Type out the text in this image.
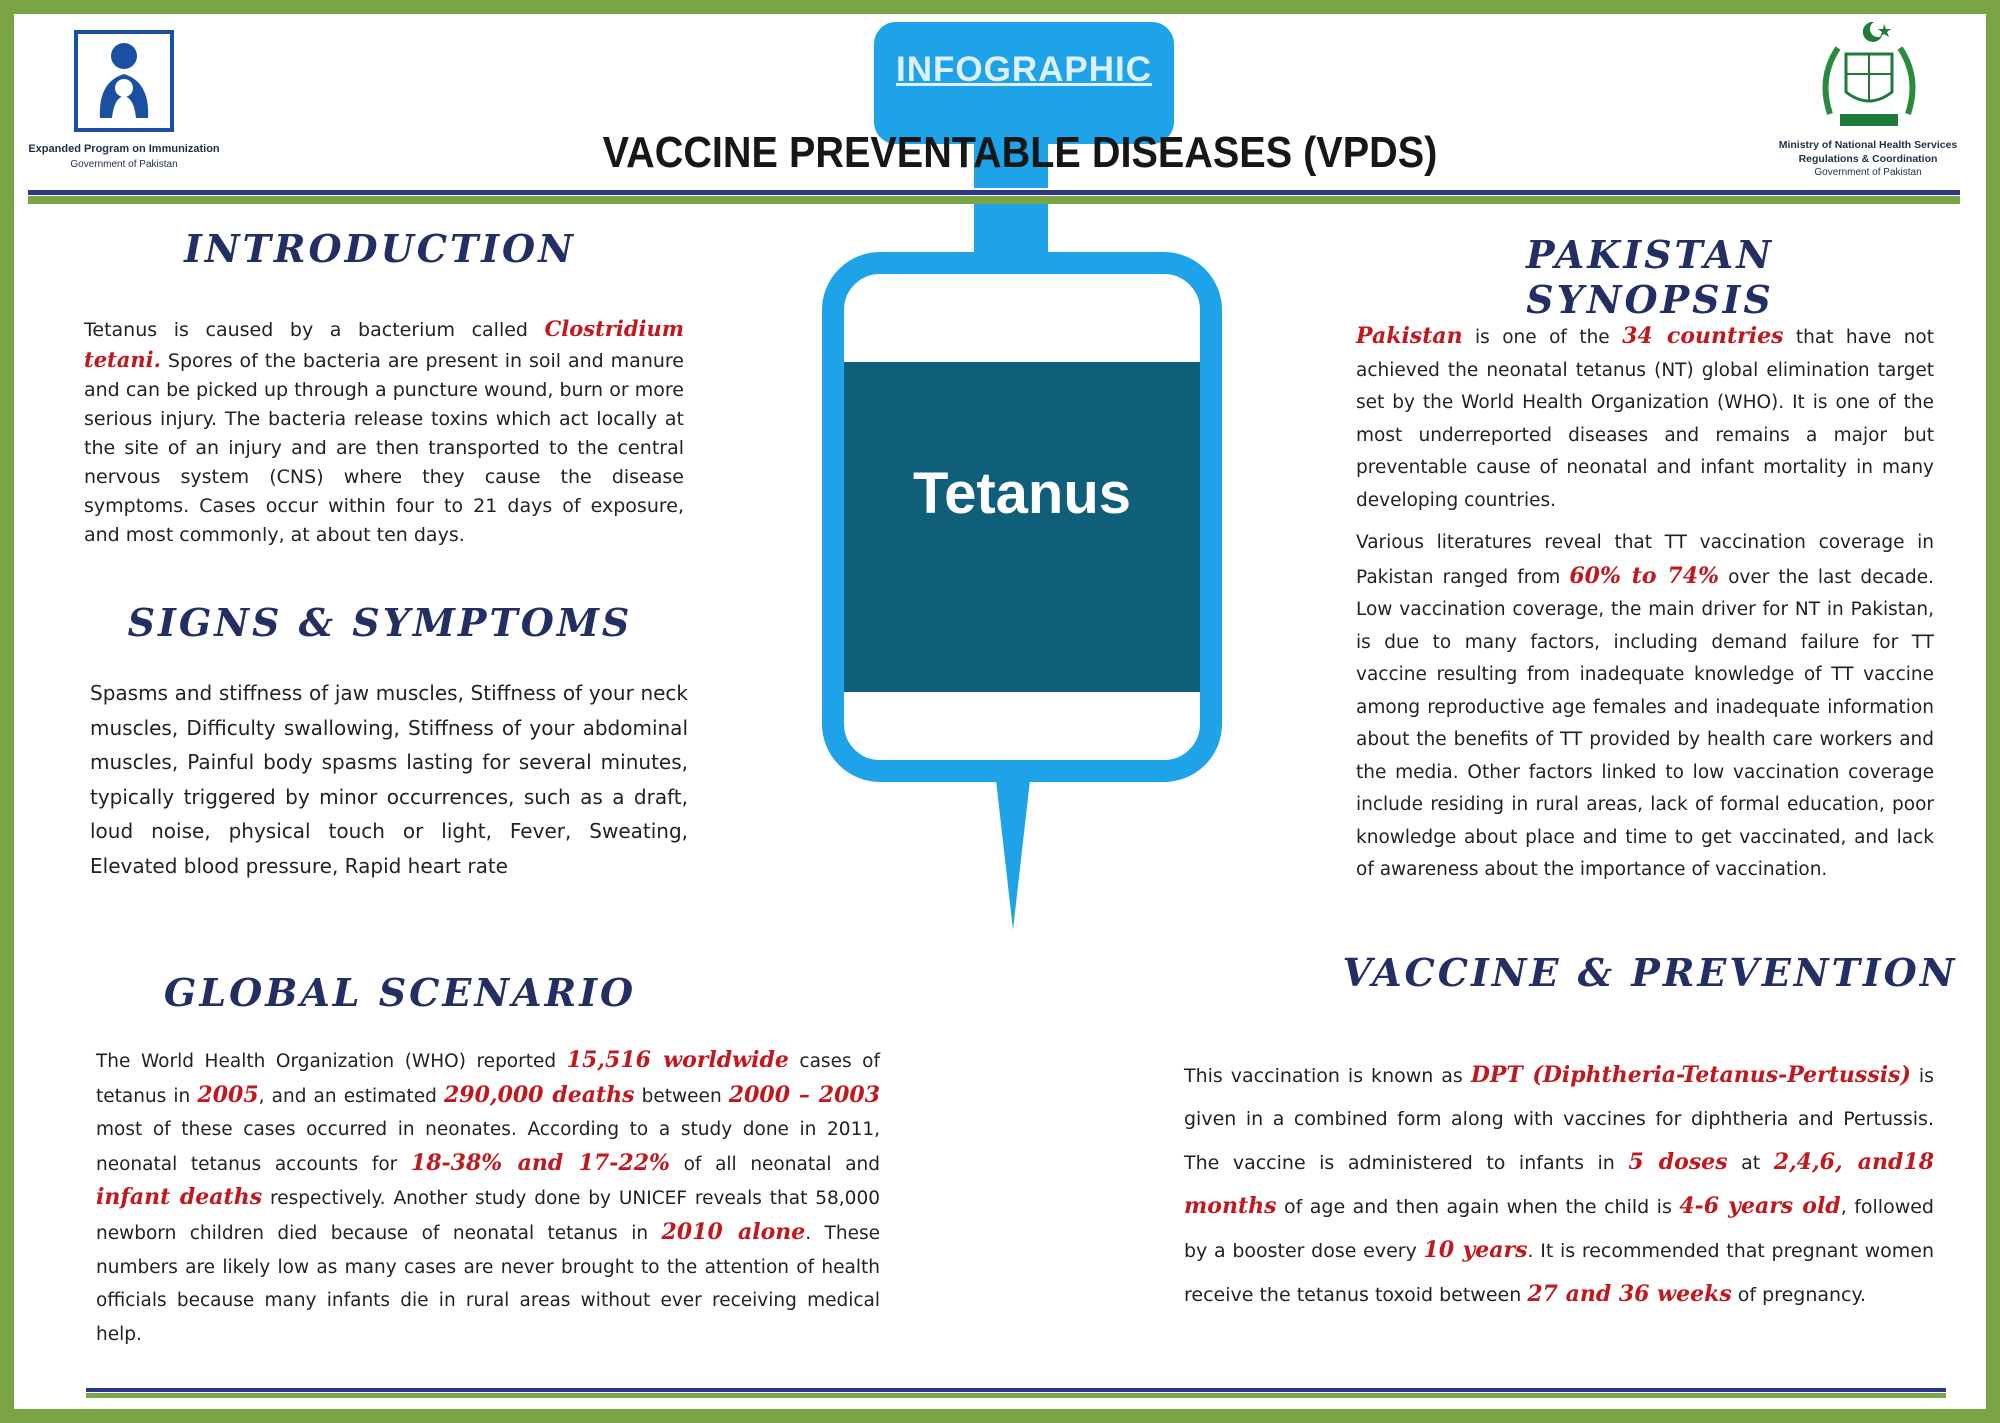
Expanded Program on Immunization
Government of Pakistan
Ministry of National Health Services
Regulations & Coordination
Government of Pakistan
INFOGRAPHIC
VACCINE PREVENTABLE DISEASES (VPDS)
Tetanus
INTRODUCTION
Tetanus is caused by a bacterium called Clostridium tetani. Spores of the bacteria are present in soil and manure and can be picked up through a puncture wound, burn or more serious injury. The bacteria release toxins which act locally at the site of an injury and are then transported to the central nervous system (CNS) where they cause the disease symptoms. Cases occur within four to 21 days of exposure, and most commonly, at about ten days.
SIGNS & SYMPTOMS
Spasms and stiffness of jaw muscles, Stiffness of your neck muscles, Difficulty swallowing, Stiffness of your abdominal muscles, Painful body spasms lasting for several minutes, typically triggered by minor occurrences, such as a draft, loud noise, physical touch or light, Fever, Sweating, Elevated blood pressure, Rapid heart rate
GLOBAL SCENARIO
The World Health Organization (WHO) reported 15,516 worldwide cases of tetanus in 2005, and an estimated 290,000 deaths between 2000 – 2003 most of these cases occurred in neonates. According to a study done in 2011, neonatal tetanus accounts for 18-38% and 17-22% of all neonatal and infant deaths respectively. Another study done by UNICEF reveals that 58,000 newborn children died because of neonatal tetanus in 2010 alone. These numbers are likely low as many cases are never brought to the attention of health officials because many infants die in rural areas without ever receiving medical help.
PAKISTAN SYNOPSIS

Pakistan is one of the 34 countries that have not achieved the neonatal tetanus (NT) global elimination target set by the World Health Organization (WHO). It is one of the most underreported diseases and remains a major but preventable cause of neonatal and infant mortality in many developing countries.

Various literatures reveal that TT vaccination coverage in Pakistan ranged from 60% to 74% over the last decade. Low vaccination coverage, the main driver for NT in Pakistan, is due to many factors, including demand failure for TT vaccine resulting from inadequate knowledge of TT vaccine among reproductive age females and inadequate information about the benefits of TT provided by health care workers and the media. Other factors linked to low vaccination coverage include residing in rural areas, lack of formal education, poor knowledge about place and time to get vaccinated, and lack of awareness about the importance of vaccination.

VACCINE & PREVENTION
This vaccination is known as DPT (Diphtheria-Tetanus-Pertussis) is given in a combined form along with vaccines for diphtheria and Pertussis. The vaccine is administered to infants in 5 doses at 2,4,6, and18 months of age and then again when the child is 4-6 years old, followed by a booster dose every 10 years. It is recommended that pregnant women receive the tetanus toxoid between 27 and 36 weeks of pregnancy.
